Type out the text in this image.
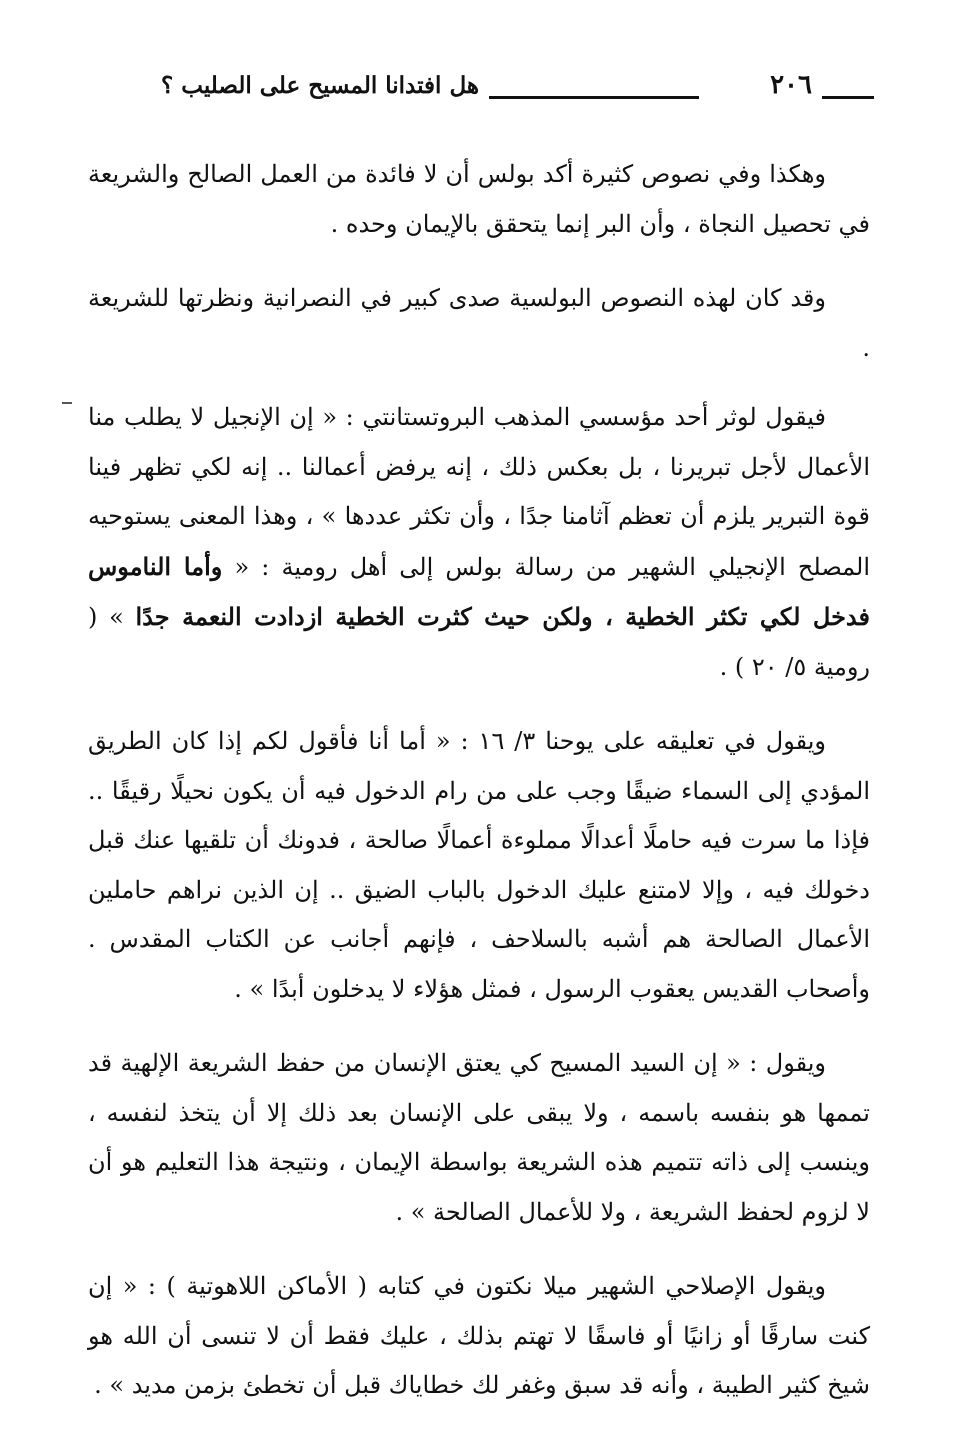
٢٠٦
هل افتدانا المسيح على الصليب ؟

وهكذا وفي نصوص كثيرة أكد بولس أن لا فائدة من العمل الصالح والشريعة في تحصيل النجاة ، وأن البر إنما يتحقق بالإيمان وحده .

وقد كان لهذه النصوص البولسية صدى كبير في النصرانية ونظرتها للشريعة .

فيقول لوثر أحد مؤسسي المذهب البروتستانتي : « إن الإنجيل لا يطلب منا الأعمال لأجل تبريرنا ، بل بعكس ذلك ، إنه يرفض أعمالنا .. إنه لكي تظهر فينا قوة التبرير يلزم أن تعظم آثامنا جدًا ، وأن تكثر عددها » ، وهذا المعنى يستوحيه المصلح الإنجيلي الشهير من رسالة بولس إلى أهل رومية : « وأما الناموس فدخل لكي تكثر الخطية ، ولكن حيث كثرت الخطية ازدادت النعمة جدًا » ( رومية ٥/ ٢٠ ) .

ويقول في تعليقه على يوحنا ٣/ ١٦ : « أما أنا فأقول لكم إذا كان الطريق المؤدي إلى السماء ضيقًا وجب على من رام الدخول فيه أن يكون نحيلًا رقيقًا .. فإذا ما سرت فيه حاملًا أعدالًا مملوءة أعمالًا صالحة ، فدونك أن تلقيها عنك قبل دخولك فيه ، وإلا لامتنع عليك الدخول بالباب الضيق .. إن الذين نراهم حاملين الأعمال الصالحة هم أشبه بالسلاحف ، فإنهم أجانب عن الكتاب المقدس . وأصحاب القديس يعقوب الرسول ، فمثل هؤلاء لا يدخلون أبدًا » .

ويقول : « إن السيد المسيح كي يعتق الإنسان من حفظ الشريعة الإلهية قد تممها هو بنفسه باسمه ، ولا يبقى على الإنسان بعد ذلك إلا أن يتخذ لنفسه ، وينسب إلى ذاته تتميم هذه الشريعة بواسطة الإيمان ، ونتيجة هذا التعليم هو أن لا لزوم لحفظ الشريعة ، ولا للأعمال الصالحة » .

ويقول الإصلاحي الشهير ميلا نكتون في كتابه ( الأماكن اللاهوتية ) : « إن كنت سارقًا أو زانيًا أو فاسقًا لا تهتم بذلك ، عليك فقط أن لا تنسى أن الله هو شيخ كثير الطيبة ، وأنه قد سبق وغفر لك خطاياك قبل أن تخطئ بزمن مديد » .
